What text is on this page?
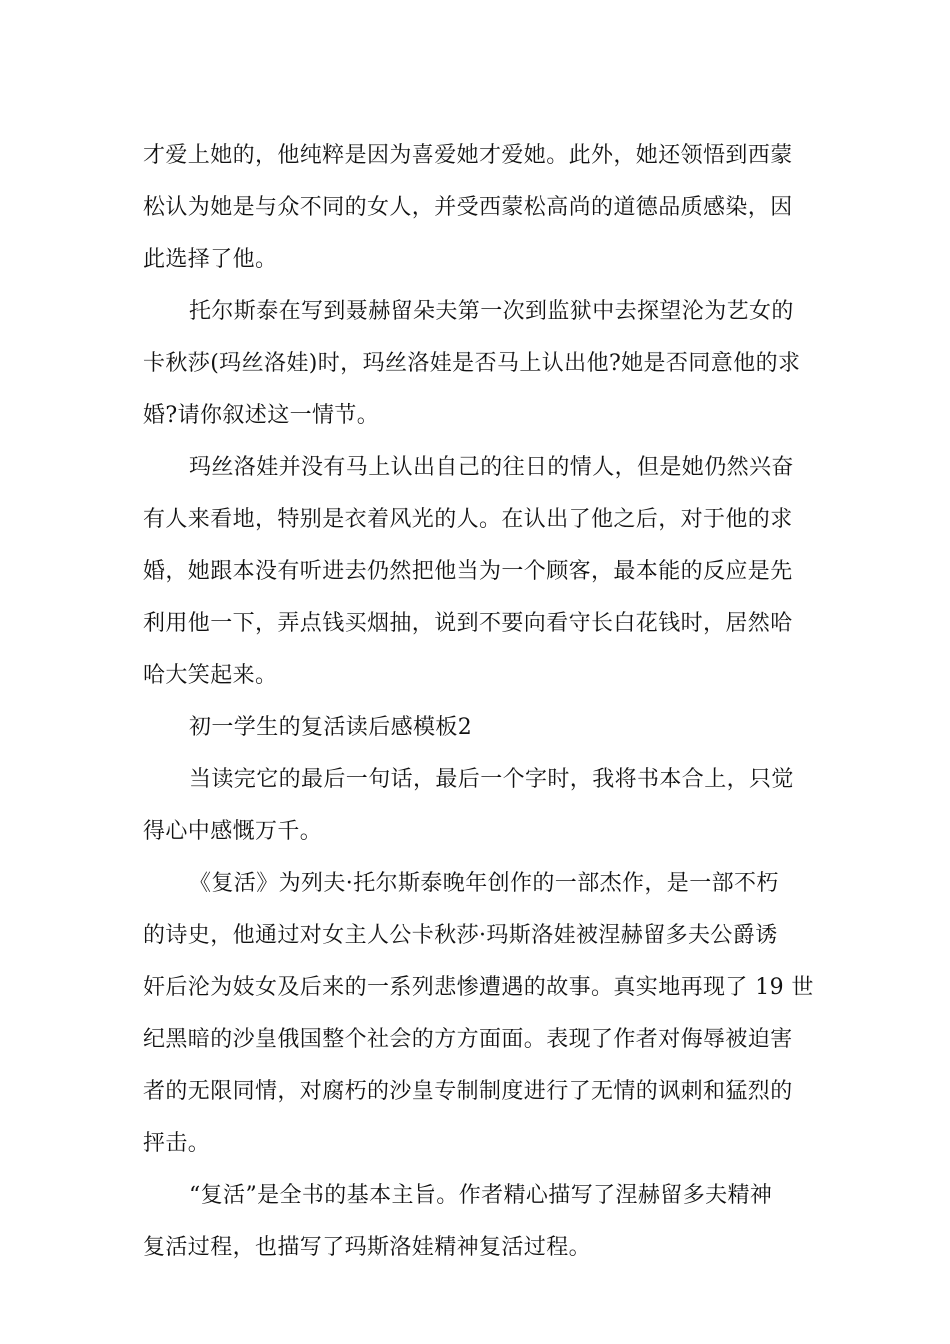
才爱上她的，他纯粹是因为喜爱她才爱她。此外，她还领悟到西蒙
松认为她是与众不同的女人，并受西蒙松高尚的道德品质感染，因
此选择了他。
托尔斯泰在写到聂赫留朵夫第一次到监狱中去探望沦为艺女的
卡秋莎(玛丝洛娃)时，玛丝洛娃是否马上认出他?她是否同意他的求
婚?请你叙述这一情节。
玛丝洛娃并没有马上认出自己的往日的情人，但是她仍然兴奋
有人来看地，特别是衣着风光的人。在认出了他之后，对于他的求
婚，她跟本没有听进去仍然把他当为一个顾客，最本能的反应是先
利用他一下，弄点钱买烟抽，说到不要向看守长白花钱时，居然哈
哈大笑起来。
初一学生的复活读后感模板2
当读完它的最后一句话，最后一个字时，我将书本合上，只觉
得心中感慨万千。
《复活》为列夫·托尔斯泰晚年创作的一部杰作，是一部不朽
的诗史，他通过对女主人公卡秋莎·玛斯洛娃被涅赫留多夫公爵诱
奸后沦为妓女及后来的一系列悲惨遭遇的故事。真实地再现了 19 世
纪黑暗的沙皇俄国整个社会的方方面面。表现了作者对侮辱被迫害
者的无限同情，对腐朽的沙皇专制制度进行了无情的讽刺和猛烈的
抨击。
“复活”是全书的基本主旨。作者精心描写了涅赫留多夫精神
复活过程，也描写了玛斯洛娃精神复活过程。
